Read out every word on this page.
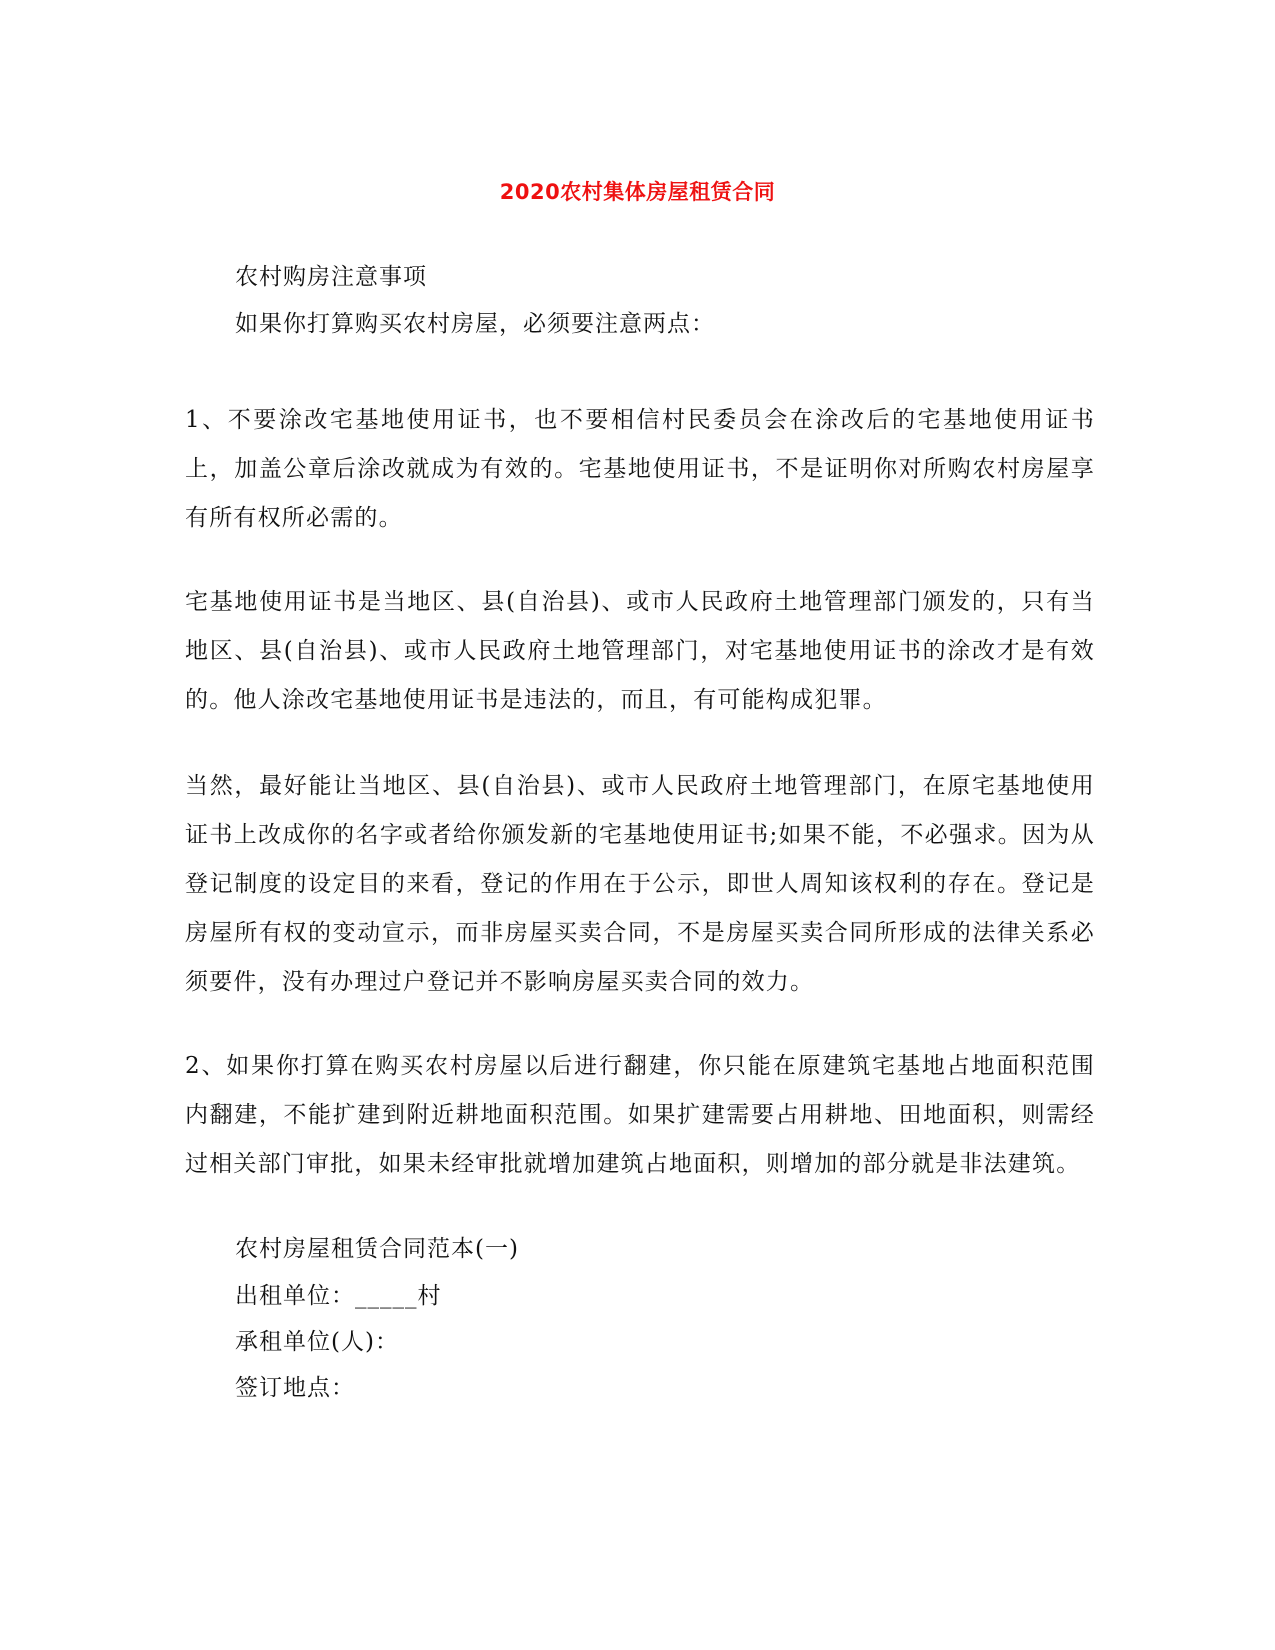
2020农村集体房屋租赁合同
农村购房注意事项
如果你打算购买农村房屋，必须要注意两点：
1、不要涂改宅基地使用证书，也不要相信村民委员会在涂改后的宅基地使用证书上，加盖公章后涂改就成为有效的。宅基地使用证书，不是证明你对所购农村房屋享有所有权所必需的。
宅基地使用证书是当地区、县(自治县)、或市人民政府土地管理部门颁发的，只有当地区、县(自治县)、或市人民政府土地管理部门，对宅基地使用证书的涂改才是有效的。他人涂改宅基地使用证书是违法的，而且，有可能构成犯罪。
当然，最好能让当地区、县(自治县)、或市人民政府土地管理部门，在原宅基地使用证书上改成你的名字或者给你颁发新的宅基地使用证书;如果不能，不必强求。因为从登记制度的设定目的来看，登记的作用在于公示，即世人周知该权利的存在。登记是房屋所有权的变动宣示，而非房屋买卖合同，不是房屋买卖合同所形成的法律关系必须要件，没有办理过户登记并不影响房屋买卖合同的效力。
2、如果你打算在购买农村房屋以后进行翻建，你只能在原建筑宅基地占地面积范围内翻建，不能扩建到附近耕地面积范围。如果扩建需要占用耕地、田地面积，则需经过相关部门审批，如果未经审批就增加建筑占地面积，则增加的部分就是非法建筑。
农村房屋租赁合同范本(一)
出租单位：_____村
承租单位(人)：
签订地点：
